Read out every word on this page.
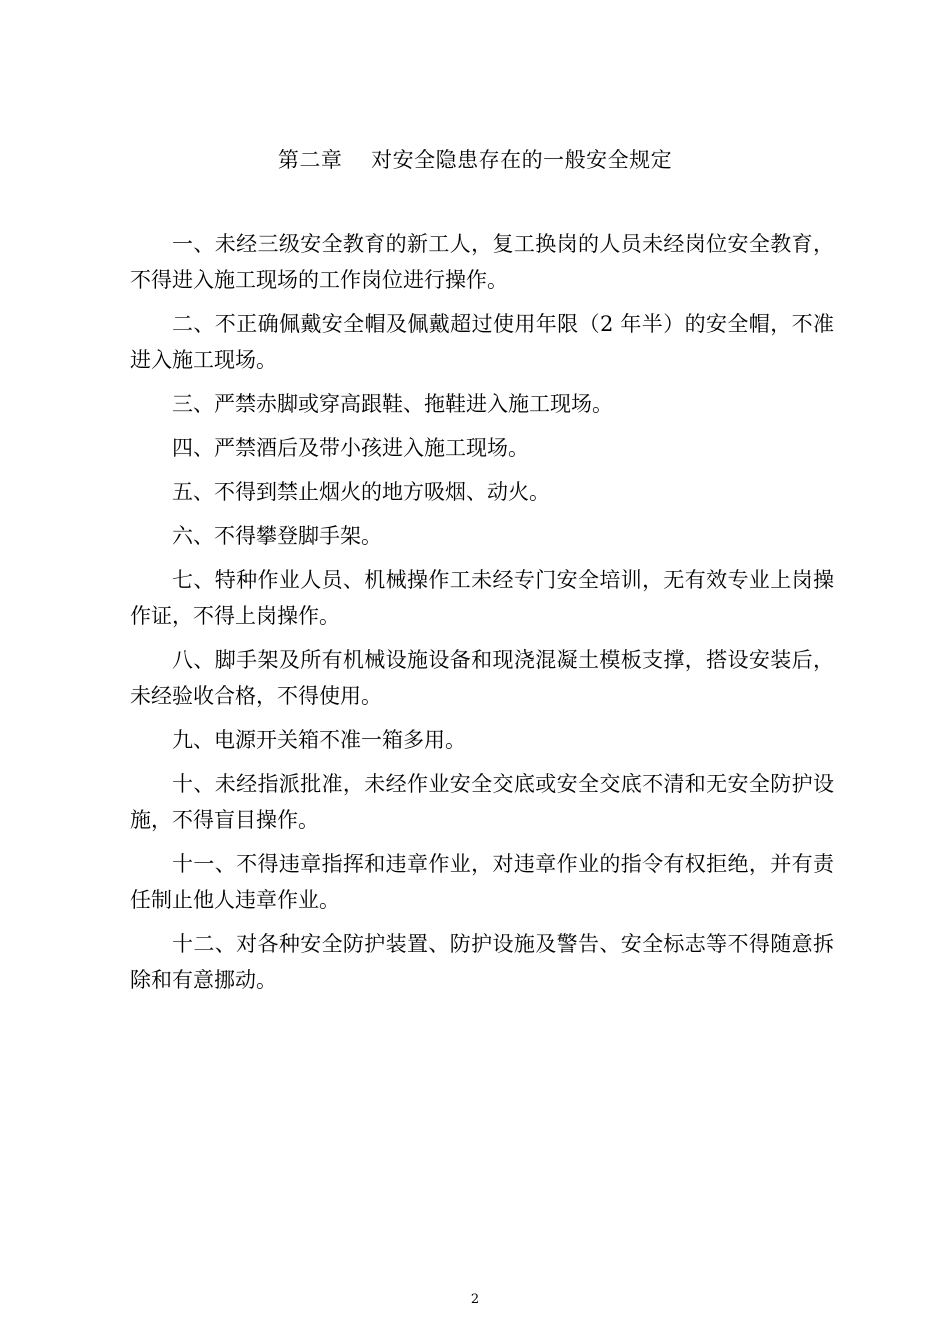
第二章    对安全隐患存在的一般安全规定
一、未经三级安全教育的新工人，复工换岗的人员未经岗位安全教育，不得进入施工现场的工作岗位进行操作。
二、不正确佩戴安全帽及佩戴超过使用年限（2 年半）的安全帽，不准进入施工现场。
三、严禁赤脚或穿高跟鞋、拖鞋进入施工现场。
四、严禁酒后及带小孩进入施工现场。
五、不得到禁止烟火的地方吸烟、动火。
六、不得攀登脚手架。
七、特种作业人员、机械操作工未经专门安全培训，无有效专业上岗操作证，不得上岗操作。
八、脚手架及所有机械设施设备和现浇混凝土模板支撑，搭设安装后，未经验收合格，不得使用。
九、电源开关箱不准一箱多用。
十、未经指派批准，未经作业安全交底或安全交底不清和无安全防护设施，不得盲目操作。
十一、不得违章指挥和违章作业，对违章作业的指令有权拒绝，并有责任制止他人违章作业。
十二、对各种安全防护装置、防护设施及警告、安全标志等不得随意拆除和有意挪动。
2
